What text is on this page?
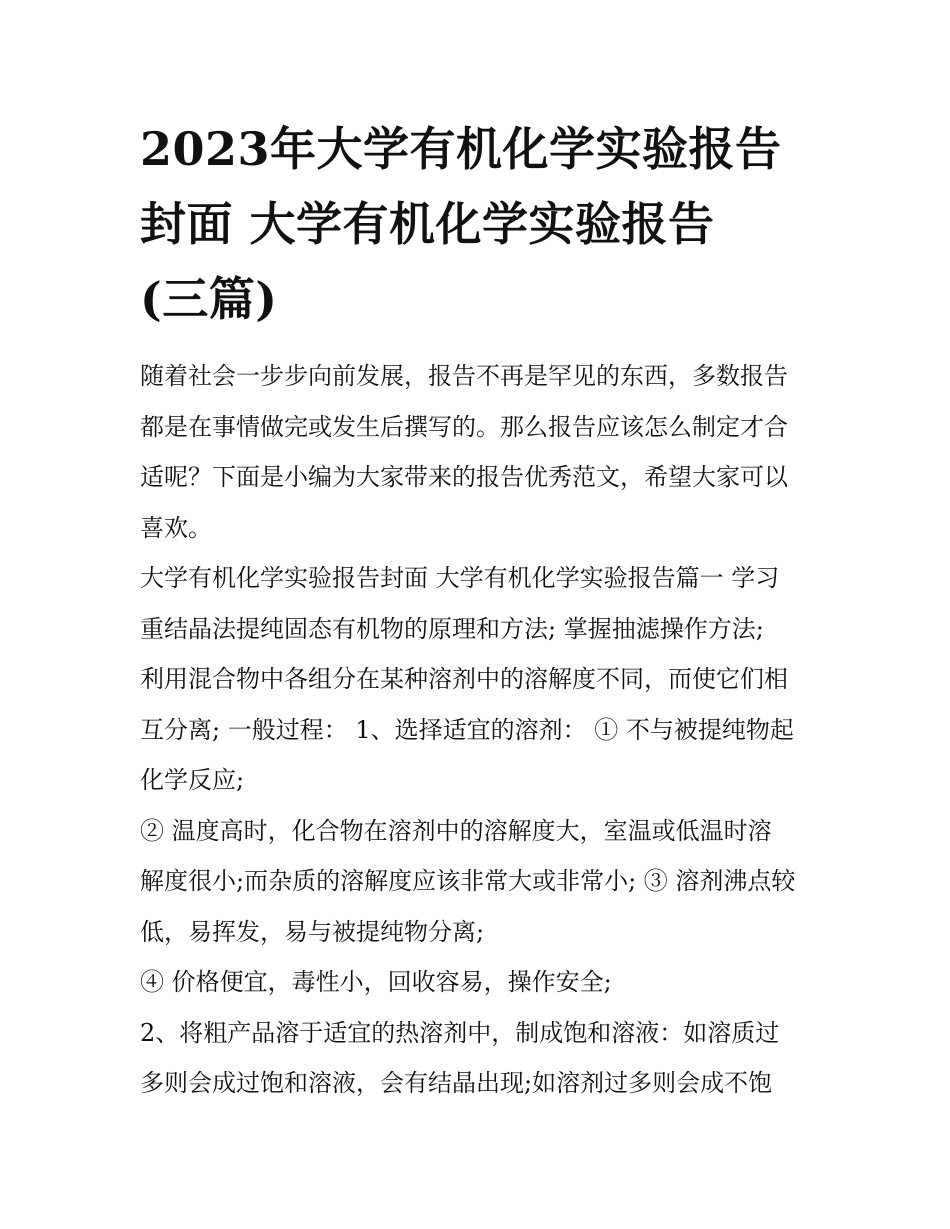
2023年大学有机化学实验报告
封面 大学有机化学实验报告
(三篇)

随着社会一步步向前发展，报告不再是罕见的东西，多数报告
都是在事情做完或发生后撰写的。那么报告应该怎么制定才合
适呢？下面是小编为大家带来的报告优秀范文，希望大家可以
喜欢。

大学有机化学实验报告封面 大学有机化学实验报告篇一 学习
重结晶法提纯固态有机物的原理和方法; 掌握抽滤操作方法;

利用混合物中各组分在某种溶剂中的溶解度不同，而使它们相
互分离; 一般过程： 1、选择适宜的溶剂： ① 不与被提纯物起
化学反应;

② 温度高时，化合物在溶剂中的溶解度大，室温或低温时溶
解度很小;而杂质的溶解度应该非常大或非常小; ③ 溶剂沸点较
低，易挥发，易与被提纯物分离;

④ 价格便宜，毒性小，回收容易，操作安全;

2、将粗产品溶于适宜的热溶剂中，制成饱和溶液：如溶质过
多则会成过饱和溶液，会有结晶出现;如溶剂过多则会成不饱
